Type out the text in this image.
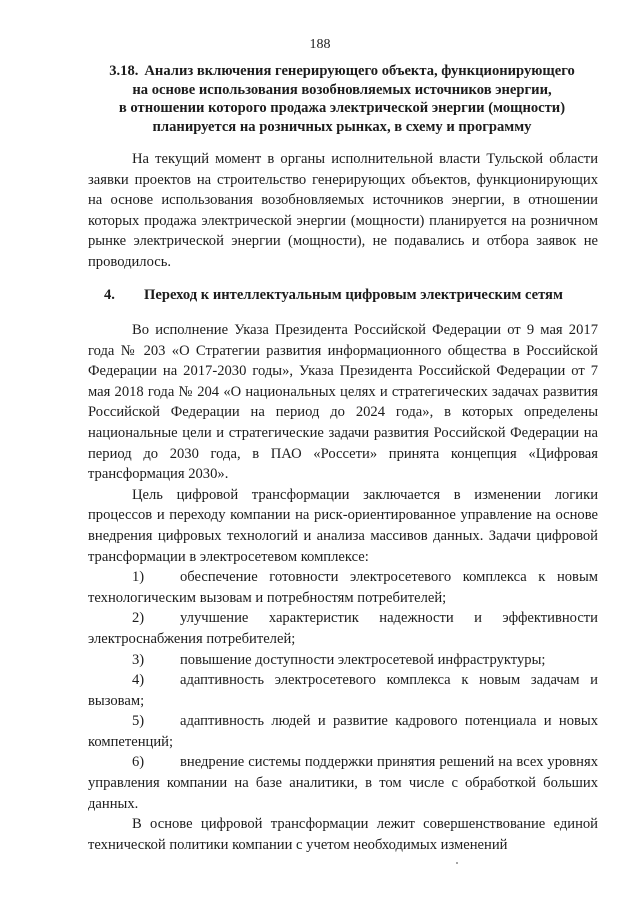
188
3.18. Анализ включения генерирующего объекта, функционирующего
на основе использования возобновляемых источников энергии,
в отношении которого продажа электрической энергии (мощности)
планируется на розничных рынках, в схему и программу

На текущий момент в органы исполнительной власти Тульской области заявки проектов на строительство генерирующих объектов, функционирующих на основе использования возобновляемых источников энергии, в отношении которых продажа электрической энергии (мощности) планируется на розничном рынке электрической энергии (мощности), не подавались и отбора заявок не проводилось.

4. Переход к интеллектуальным цифровым электрическим сетям

Во исполнение Указа Президента Российской Федерации от 9 мая 2017 года № 203 «О Стратегии развития информационного общества в Российской Федерации на 2017-2030 годы», Указа Президента Российской Федерации от 7 мая 2018 года № 204 «О национальных целях и стратегических задачах развития Российской Федерации на период до 2024 года», в которых определены национальные цели и стратегические задачи развития Российской Федерации на период до 2030 года, в ПАО «Россети» принята концепция «Цифровая трансформация 2030».

Цель цифровой трансформации заключается в изменении логики процессов и переходу компании на риск-ориентированное управление на основе внедрения цифровых технологий и анализа массивов данных. Задачи цифровой трансформации в электросетевом комплексе:

1) обеспечение готовности электросетевого комплекса к новым технологическим вызовам и потребностям потребителей;

2) улучшение характеристик надежности и эффективности электроснабжения потребителей;

3) повышение доступности электросетевой инфраструктуры;

4) адаптивность электросетевого комплекса к новым задачам и вызовам;

5) адаптивность людей и развитие кадрового потенциала и новых компетенций;

6) внедрение системы поддержки принятия решений на всех уровнях управления компании на базе аналитики, в том числе с обработкой больших данных.

В основе цифровой трансформации лежит совершенствование единой технической политики компании с учетом необходимых изменений
